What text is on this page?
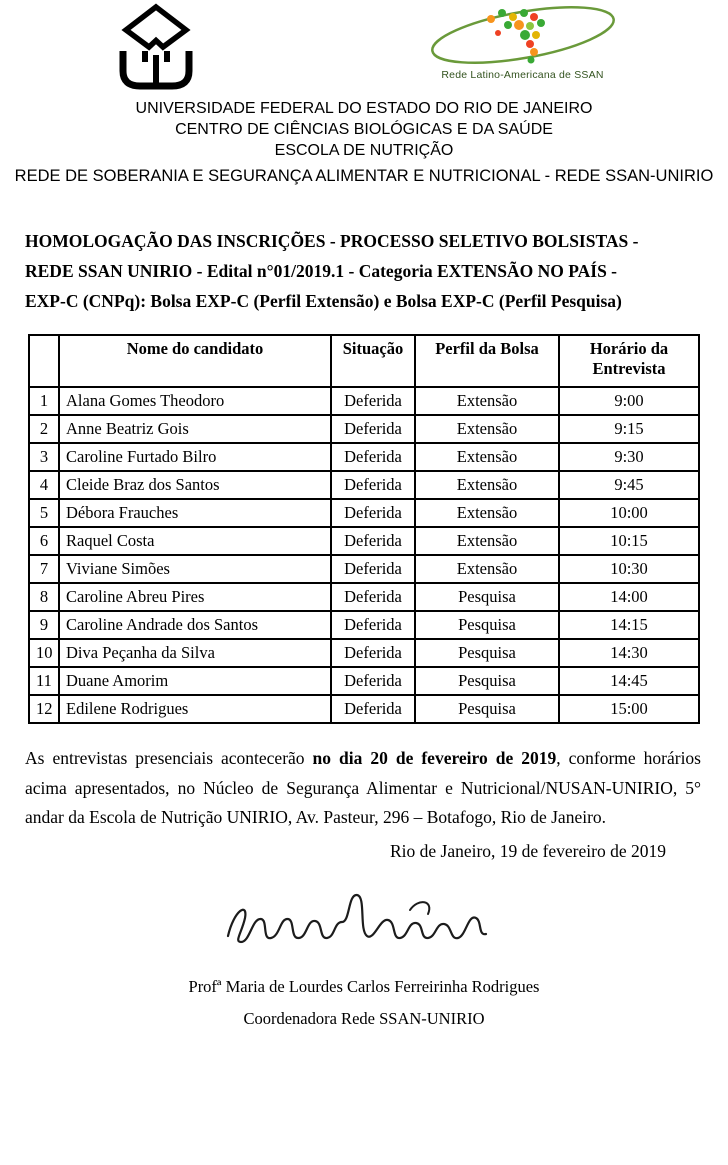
Rede Latino-Americana de SSAN
UNIVERSIDADE FEDERAL DO ESTADO DO RIO DE JANEIRO
CENTRO DE CIÊNCIAS BIOLÓGICAS E DA SAÚDE
ESCOLA DE NUTRIÇÃO
REDE DE SOBERANIA E SEGURANÇA ALIMENTAR E NUTRICIONAL - REDE SSAN-UNIRIO
HOMOLOGAÇÃO DAS INSCRIÇÕES - PROCESSO SELETIVO BOLSISTAS -
REDE SSAN UNIRIO - Edital n°01/2019.1 - Categoria EXTENSÃO NO PAÍS -
EXP-C (CNPq): Bolsa EXP-C (Perfil Extensão) e Bolsa EXP-C (Perfil Pesquisa)
	Nome do candidato	Situação	Perfil da Bolsa	Horário da Entrevista
1	Alana Gomes Theodoro	Deferida	Extensão	9:00
2	Anne Beatriz Gois	Deferida	Extensão	9:15
3	Caroline Furtado Bilro	Deferida	Extensão	9:30
4	Cleide Braz dos Santos	Deferida	Extensão	9:45
5	Débora Frauches	Deferida	Extensão	10:00
6	Raquel Costa	Deferida	Extensão	10:15
7	Viviane Simões	Deferida	Extensão	10:30
8	Caroline Abreu Pires	Deferida	Pesquisa	14:00
9	Caroline Andrade dos Santos	Deferida	Pesquisa	14:15
10	Diva Peçanha da Silva	Deferida	Pesquisa	14:30
11	Duane Amorim	Deferida	Pesquisa	14:45
12	Edilene Rodrigues	Deferida	Pesquisa	15:00
As entrevistas presenciais acontecerão no dia 20 de fevereiro de 2019, conforme horários acima apresentados, no Núcleo de Segurança Alimentar e Nutricional/NUSAN-UNIRIO, 5° andar da Escola de Nutrição UNIRIO, Av. Pasteur, 296 – Botafogo, Rio de Janeiro.
Rio de Janeiro, 19 de fevereiro de 2019
Profª Maria de Lourdes Carlos Ferreirinha Rodrigues
Coordenadora Rede SSAN-UNIRIO
